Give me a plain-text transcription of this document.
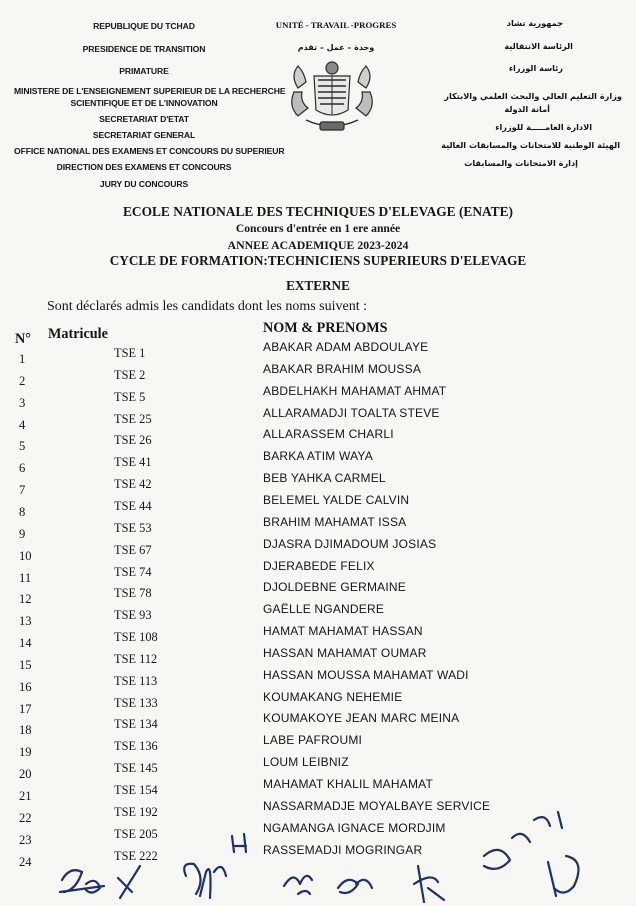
REPUBLIQUE DU TCHAD
PRESIDENCE DE TRANSITION
PRIMATURE
MINISTERE DE L'ENSEIGNEMENT SUPERIEUR DE LA RECHERCHE
SCIENTIFIQUE ET DE L'INNOVATION
SECRETARIAT D'ETAT
SECRETARIAT GENERAL
OFFICE NATIONAL DES EXAMENS ET CONCOURS DU SUPERIEUR
DIRECTION DES EXAMENS ET CONCOURS
JURY DU CONCOURS
UNITÉ - TRAVAIL -PROGRES
وحدة – عمل – تقدم
جمهورية تشاد
الرئاسة الانتقالية
رئاسة الوزراء
وزارة التعليم العالي والبحث العلمي والابتكار
أمانة الدولة
الادارة العامـــــة للوزراء
الهيئة الوطنية للامتحانات والمسابقات العالية
إدارة الامتحانات والمسابقات
ECOLE NATIONALE DES TECHNIQUES D'ELEVAGE (ENATE)
Concours d'entrée en 1 ere année
ANNEE ACADEMIQUE 2023-2024
CYCLE DE FORMATION:TECHNICIENS SUPERIEURS D'ELEVAGE
EXTERNE
Sont déclarés admis les candidats dont les noms suivent :
N° Matricule	NOM & PRENOMS
1	TSE 1	ABAKAR ADAM ABDOULAYE
2	TSE 2	ABAKAR BRAHIM MOUSSA
3	TSE 5	ABDELHAKH MAHAMAT AHMAT
4	TSE 25	ALLARAMADJI TOALTA STEVE
5	TSE 26	ALLARASSEM CHARLI
6	TSE 41	BARKA ATIM WAYA
7	TSE 42	BEB YAHKA CARMEL
8	TSE 44	BELEMEL YALDE CALVIN
9	TSE 53	BRAHIM MAHAMAT ISSA
10	TSE 67	DJASRA DJIMADOUM JOSIAS
11	TSE 74	DJERABEDE FELIX
12	TSE 78	DJOLDEBNE GERMAINE
13	TSE 93	GAËLLE NGANDERE
14	TSE 108	HAMAT MAHAMAT HASSAN
15	TSE 112	HASSAN MAHAMAT OUMAR
16	TSE 113	HASSAN MOUSSA MAHAMAT WADI
17	TSE 133	KOUMAKANG NEHEMIE
18	TSE 134	KOUMAKOYE JEAN MARC MEINA
19	TSE 136	LABE PAFROUMI
20	TSE 145	LOUM LEIBNIZ
21	TSE 154	MAHAMAT KHALIL MAHAMAT
22	TSE 192	NASSARMADJE MOYALBAYE SERVICE
23	TSE 205	NGAMANGA IGNACE MORDJIM
24	TSE 222	RASSEMADJI MOGRINGAR
